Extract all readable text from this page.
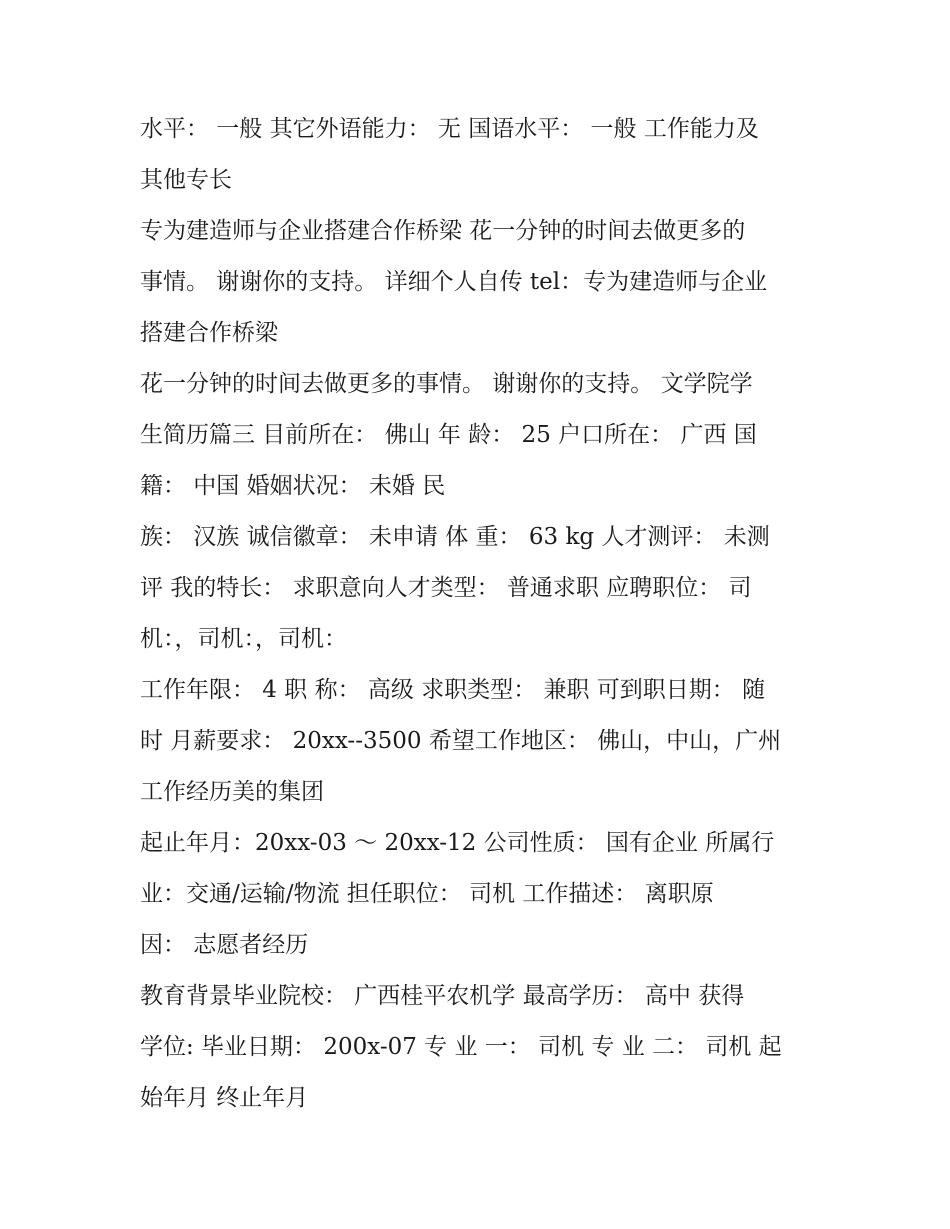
水平： 一般 其它外语能力： 无 国语水平： 一般 工作能力及
其他专长
专为建造师与企业搭建合作桥梁 花一分钟的时间去做更多的
事情。 谢谢你的支持。 详细个人自传 tel：专为建造师与企业
搭建合作桥梁
花一分钟的时间去做更多的事情。 谢谢你的支持。 文学院学
生简历篇三 目前所在： 佛山 年 龄： 25 户口所在： 广西 国
籍： 中国 婚姻状况： 未婚 民
族： 汉族 诚信徽章： 未申请 体 重： 63 kg 人才测评： 未测
评 我的特长： 求职意向人才类型： 普通求职 应聘职位： 司
机：，司机：，司机：
工作年限： 4 职 称： 高级 求职类型： 兼职 可到职日期： 随
时 月薪要求： 20xx--3500 希望工作地区： 佛山，中山，广州
工作经历美的集团
起止年月：20xx-03 ～ 20xx-12 公司性质： 国有企业 所属行
业：交通/运输/物流 担任职位： 司机 工作描述： 离职原
因： 志愿者经历
教育背景毕业院校： 广西桂平农机学 最高学历： 高中 获得
学位: 毕业日期： 200x-07 专 业 一： 司机 专 业 二： 司机 起
始年月 终止年月
